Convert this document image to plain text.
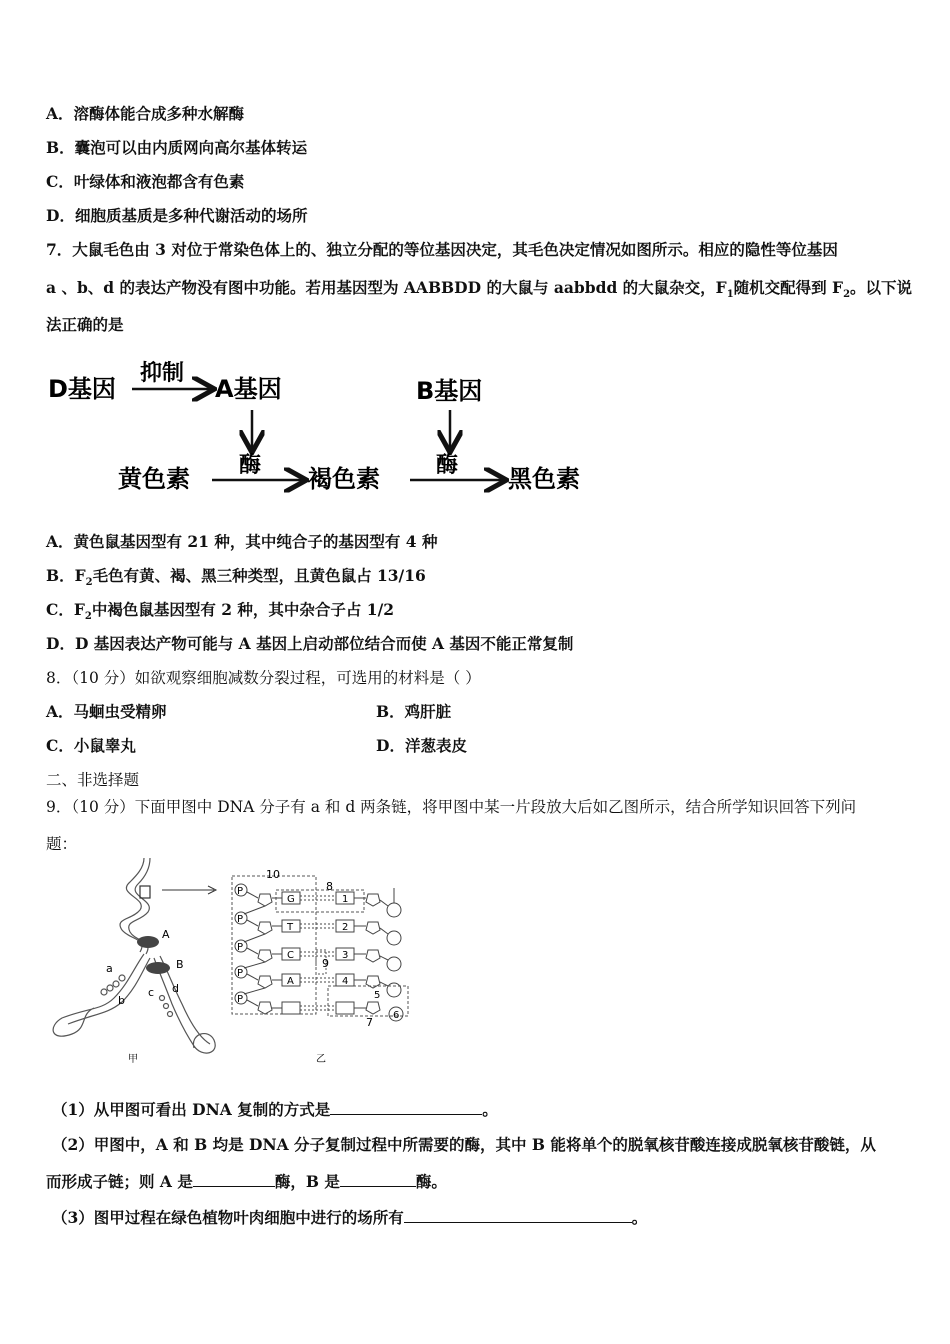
A．溶酶体能合成多种水解酶
B．囊泡可以由内质网向高尔基体转运
C．叶绿体和液泡都含有色素
D．细胞质基质是多种代谢活动的场所
7．大鼠毛色由 3 对位于常染色体上的、独立分配的等位基因决定，其毛色决定情况如图所示。相应的隐性等位基因
a 、b、d 的表达产物没有图中功能。若用基因型为 AABBDD 的大鼠与 aabbdd 的大鼠杂交，$F_1$随机交配得到 $F_2$。以下说
法正确的是
D基因
抑制
A基因	B基因
酶	酶
黄色素	褐色素	黑色素
A．黄色鼠基因型有 21 种，其中纯合子的基因型有 4 种
B．$F_2$毛色有黄、褐、黑三种类型，且黄色鼠占 13/16
C．$F_2$中褐色鼠基因型有 2 种，其中杂合子占 1/2
D．D 基因表达产物可能与 A 基因上启动部位结合而使 A 基因不能正常复制
8．（10 分）如欲观察细胞减数分裂过程，可选用的材料是（ ）
A．马蛔虫受精卵	B．鸡肝脏
C．小鼠睾丸	D．洋葱表皮
二、非选择题
9．（10 分）下面甲图中 DNA 分子有 a 和 d 两条链，将甲图中某一片段放大后如乙图所示，结合所学知识回答下列问
题：
A
B
a
b
c d
甲
10
8
9
7
P
P
P
P
P
G
T
C
A
1
2
3
4
5
6
乙
（1）从甲图可看出 DNA 复制的方式是	。
（2）甲图中，A 和 B 均是 DNA 分子复制过程中所需要的酶，其中 B 能将单个的脱氧核苷酸连接成脱氧核苷酸链，从
而形成子链；则 A 是	酶，B 是	酶。
（3）图甲过程在绿色植物叶肉细胞中进行的场所有	。
